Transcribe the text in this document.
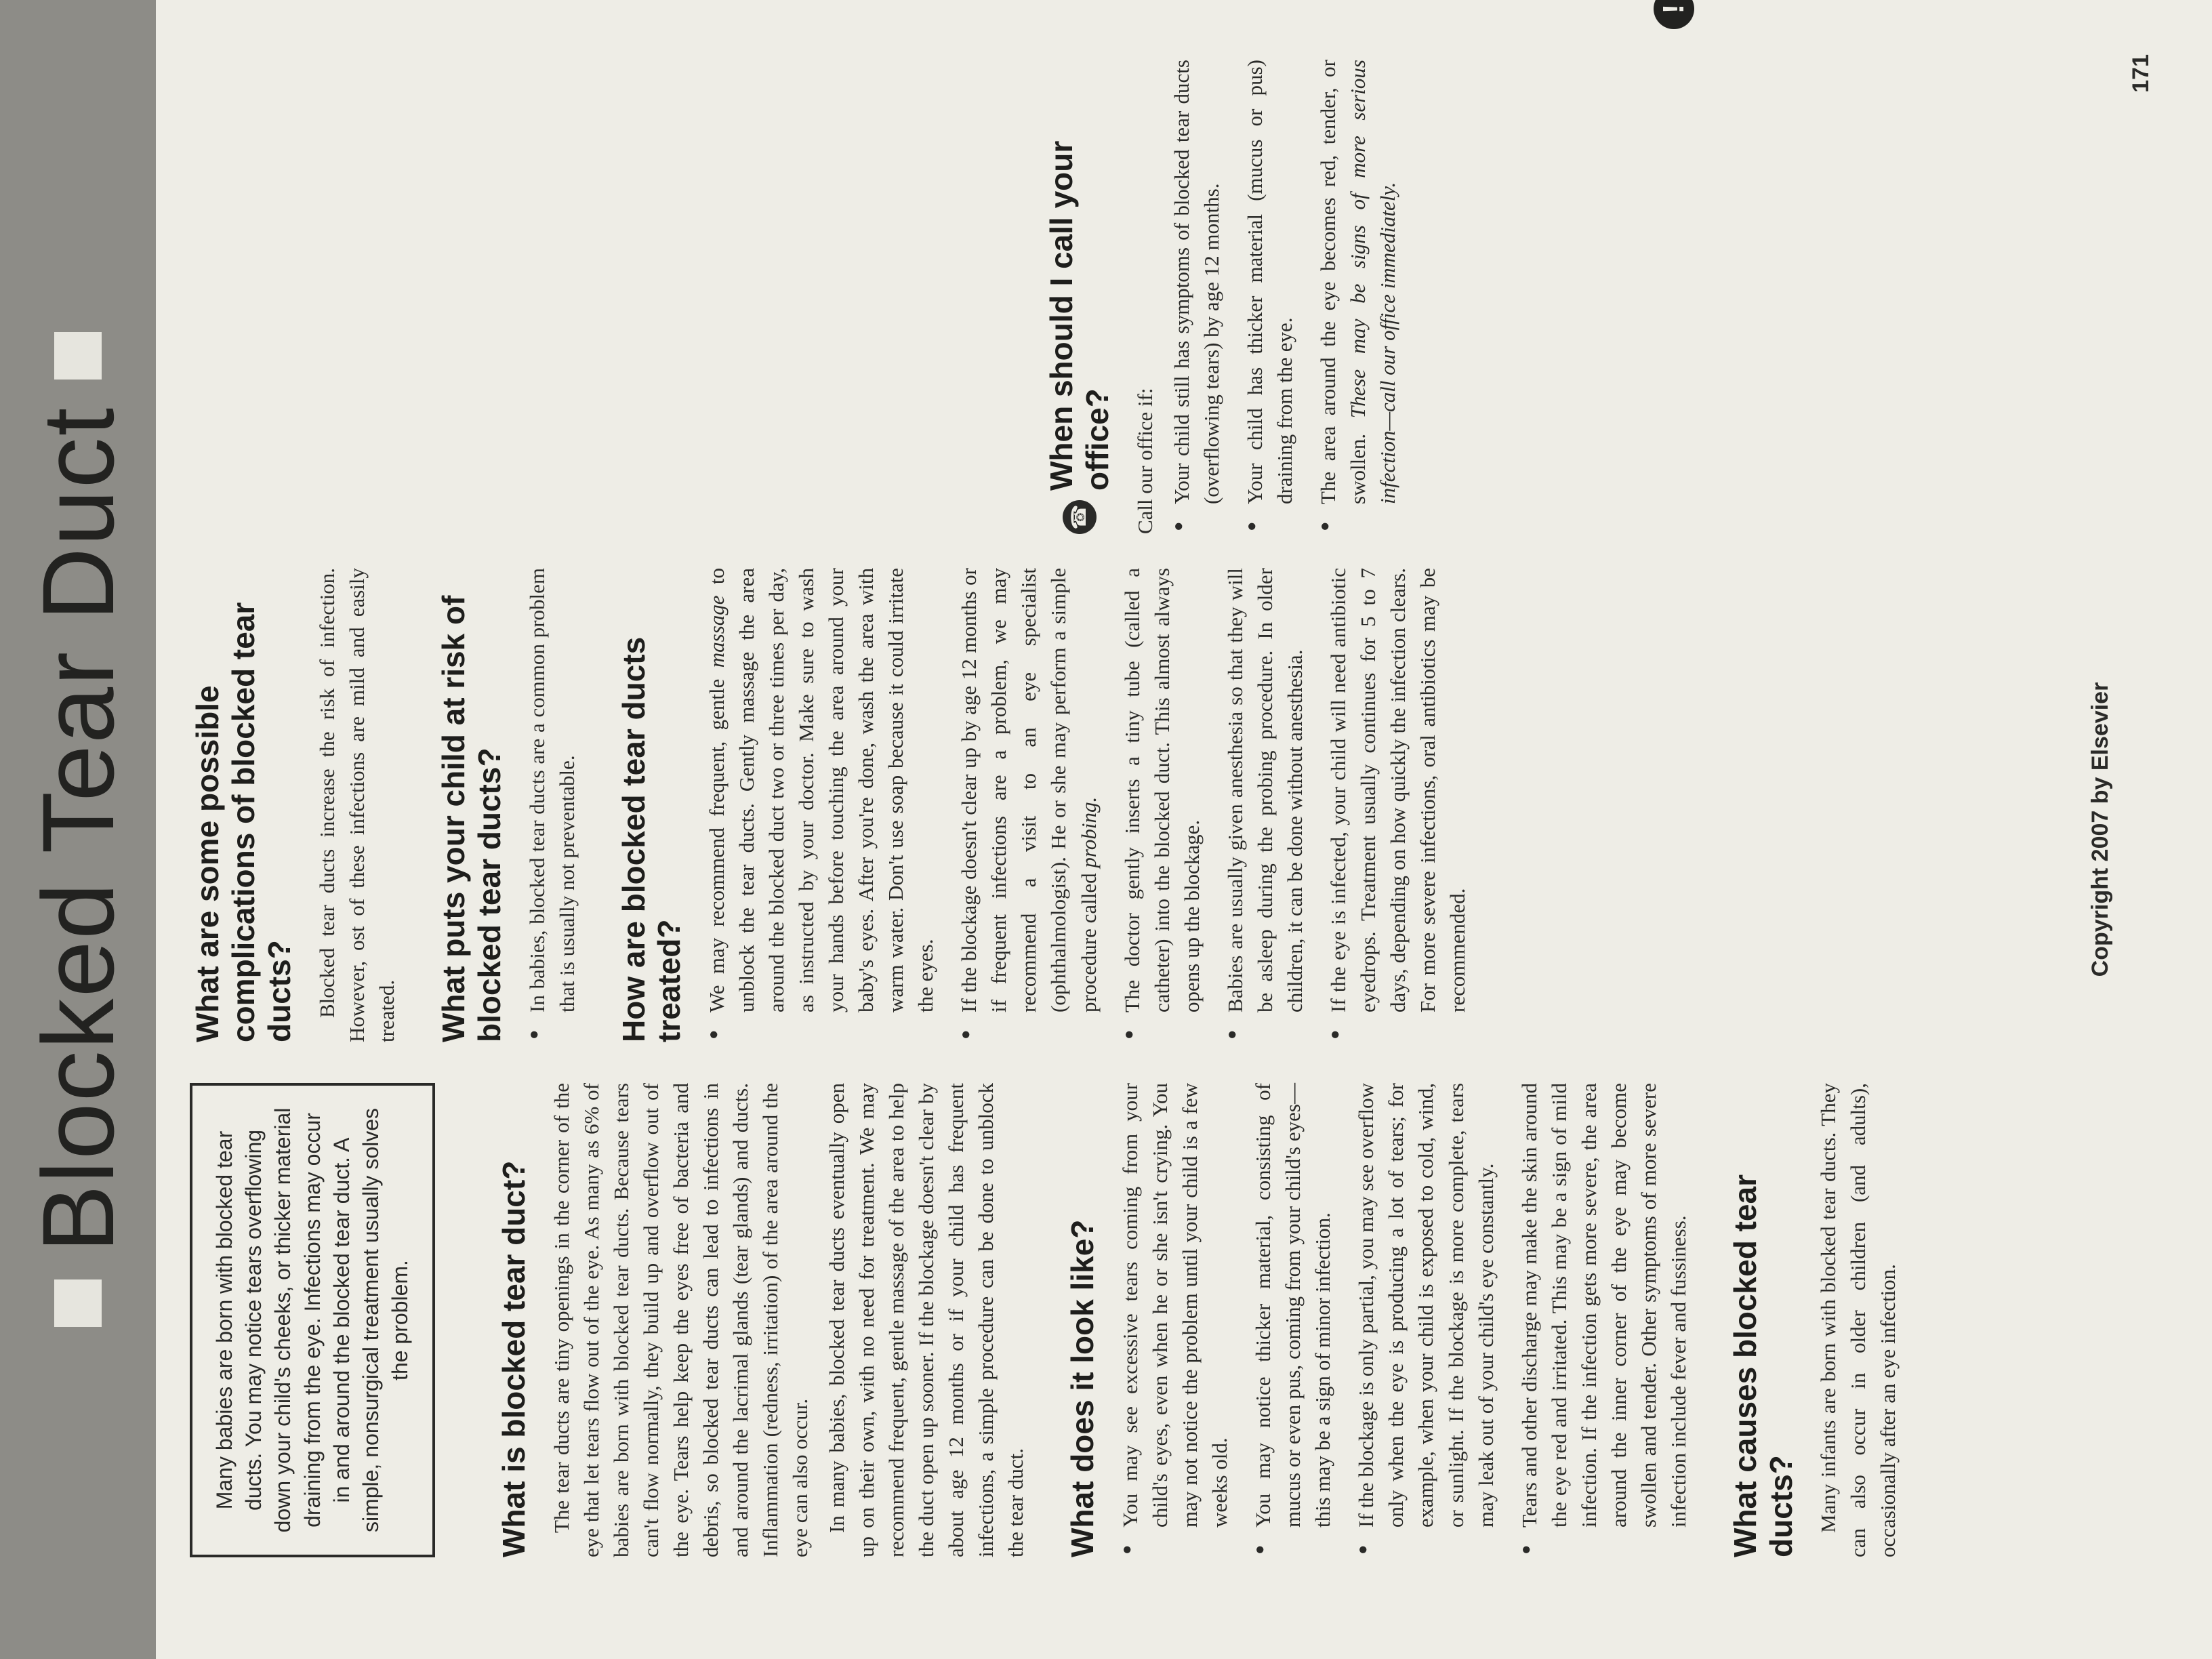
Blocked Tear Duct
Many babies are born with blocked tear ducts. You may notice tears overflowing down your child's cheeks, or thicker material draining from the eye. Infections may occur in and around the blocked tear duct. A simple, nonsurgical treatment usually solves the problem.	What is blocked tear duct? The tear ducts are tiny openings in the corner of the eye that let tears flow out of the eye. As many as 6% of babies are born with blocked tear ducts. Because tears can't flow normally, they build up and overflow out of the eye. Tears help keep the eyes free of bacteria and debris, so blocked tear ducts can lead to infections in and around the lacrimal glands (tear glands) and ducts. Inflammation (redness, irritation) of the area around the eye can also occur. In many babies, blocked tear ducts eventually open up on their own, with no need for treatment. We may recommend frequent, gentle massage of the area to help the duct open up sooner. If the blockage doesn't clear by about age 12 months or if your child has frequent infections, a simple procedure can be done to unblock the tear duct. What does it look like? ● You may see excessive tears coming from your child's eyes, even when he or she isn't crying. You may not notice the problem until your child is a few weeks old. ● You may notice thicker material, consisting of mucus or even pus, coming from your child's eyes—this may be a sign of minor infection. ● If the blockage is only partial, you may see overflow only when the eye is producing a lot of tears; for example, when your child is exposed to cold, wind, or sunlight. If the blockage is more complete, tears may leak out of your child's eye constantly. ● Tears and other discharge may make the skin around the eye red and irritated. This may be a sign of mild infection. If the infection gets more severe, the area around the inner corner of the eye may become swollen and tender. Other symptoms of more severe infection include fever and fussiness. What causes blocked tear ducts? Many infants are born with blocked tear ducts. They can also occur in older children (and adults), occasionally after an eye infection.

What are some possible complications of blocked tear ducts? Blocked tear ducts increase the risk of infection. However, ost of these infections are mild and easily treated. What puts your child at risk of blocked tear ducts? ● In babies, blocked tear ducts are a common problem that is usually not preventable. How are blocked tear ducts treated? ● We may recommend frequent, gentle massage to unblock the tear ducts. Gently massage the area around the blocked duct two or three times per day, as instructed by your doctor. Make sure to wash your hands before touching the area around your baby's eyes. After you're done, wash the area with warm water. Don't use soap because it could irritate the eyes. ● If the blockage doesn't clear up by age 12 months or if frequent infections are a problem, we may recommend a visit to an eye specialist (ophthalmologist). He or she may perform a simple procedure called probing. ● The doctor gently inserts a tiny tube (called a catheter) into the blocked duct. This almost always opens up the blockage. ● Babies are usually given anesthesia so that they will be asleep during the probing procedure. In older children, it can be done without anesthesia. ● If the eye is infected, your child will need antibiotic eyedrops. Treatment usually continues for 5 to 7 days, depending on how quickly the infection clears. For more severe infections, oral antibiotics may be recommended.
☎
When should I call your office? Call our office if: ● Your child still has symptoms of blocked tear ducts (overflowing tears) by age 12 months. ● Your child has thicker material (mucus or pus) draining from the eye. ● The area around the eye becomes red, tender, or swollen. These may be signs of more serious infection—call our office immediately.
!
Copyright 2007 by Elsevier
171
